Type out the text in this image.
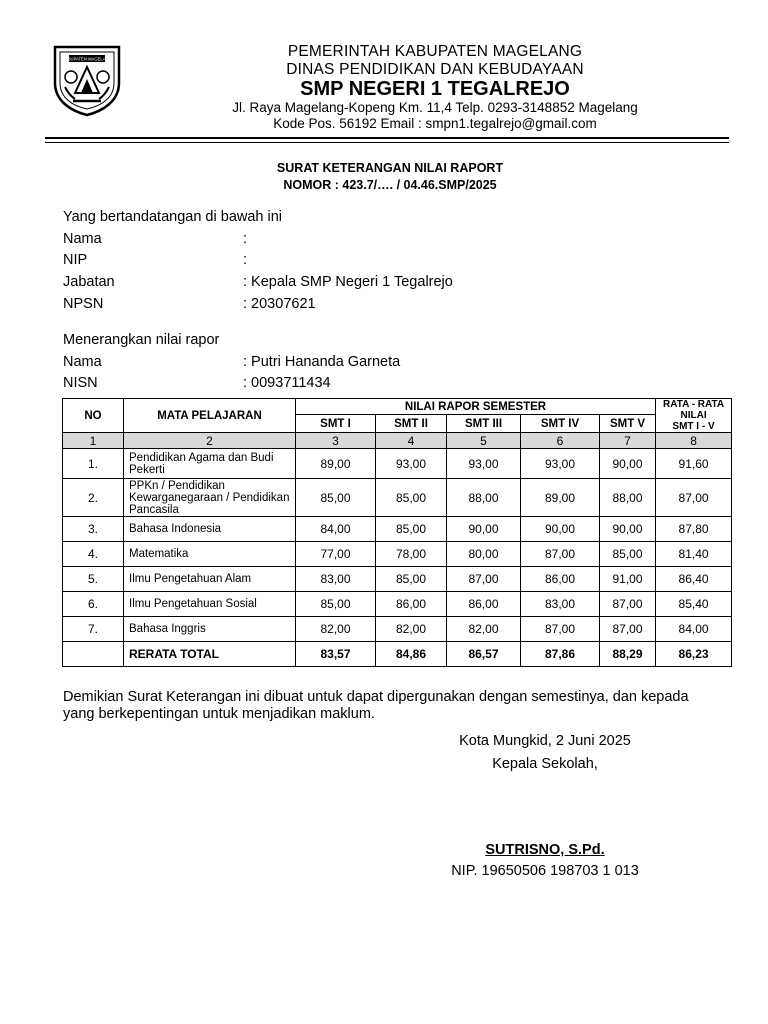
KABUPATEN MAGELANG	PEMERINTAH KABUPATEN MAGELANG
DINAS PENDIDIKAN DAN KEBUDAYAAN
SMP NEGERI 1 TEGALREJO
Jl. Raya Magelang-Kopeng Km. 11,4 Telp. 0293-3148852 Magelang
Kode Pos. 56192 Email : smpn1.tegalrejo@gmail.com
SURAT KETERANGAN NILAI RAPORT
NOMOR : 423.7/…. / 04.46.SMP/2025
Yang bertandatangan di bawah ini
Nama	:
NIP	:
Jabatan	: Kepala SMP Negeri 1 Tegalrejo
NPSN	: 20307621
Menerangkan nilai rapor
Nama	: Putri Hananda Garneta
NISN	: 0093711434
NO	MATA PELAJARAN	NILAI RAPOR SEMESTER					RATA - RATA NILAI
SMT I - V
		SMT I	SMT II	SMT III	SMT IV	SMT V	
1	2	3	4	5	6	7	8
1.	Pendidikan Agama dan Budi Pekerti	89,00	93,00	93,00	93,00	90,00	91,60
2.	PPKn / Pendidikan Kewarganegaraan / Pendidikan Pancasila	85,00	85,00	88,00	89,00	88,00	87,00
3.	Bahasa Indonesia	84,00	85,00	90,00	90,00	90,00	87,80
4.	Matematika	77,00	78,00	80,00	87,00	85,00	81,40
5.	Ilmu Pengetahuan Alam	83,00	85,00	87,00	86,00	91,00	86,40
6.	Ilmu Pengetahuan Sosial	85,00	86,00	86,00	83,00	87,00	85,40
7.	Bahasa Inggris	82,00	82,00	82,00	87,00	87,00	84,00
	RERATA TOTAL	83,57	84,86	86,57	87,86	88,29	86,23
Demikian Surat Keterangan ini dibuat untuk dapat dipergunakan dengan semestinya, dan kepada
yang berkepentingan untuk menjadikan maklum.
Kota Mungkid, 2 Juni 2025
Kepala Sekolah,
SUTRISNO, S.Pd.
NIP. 19650506 198703 1 013
